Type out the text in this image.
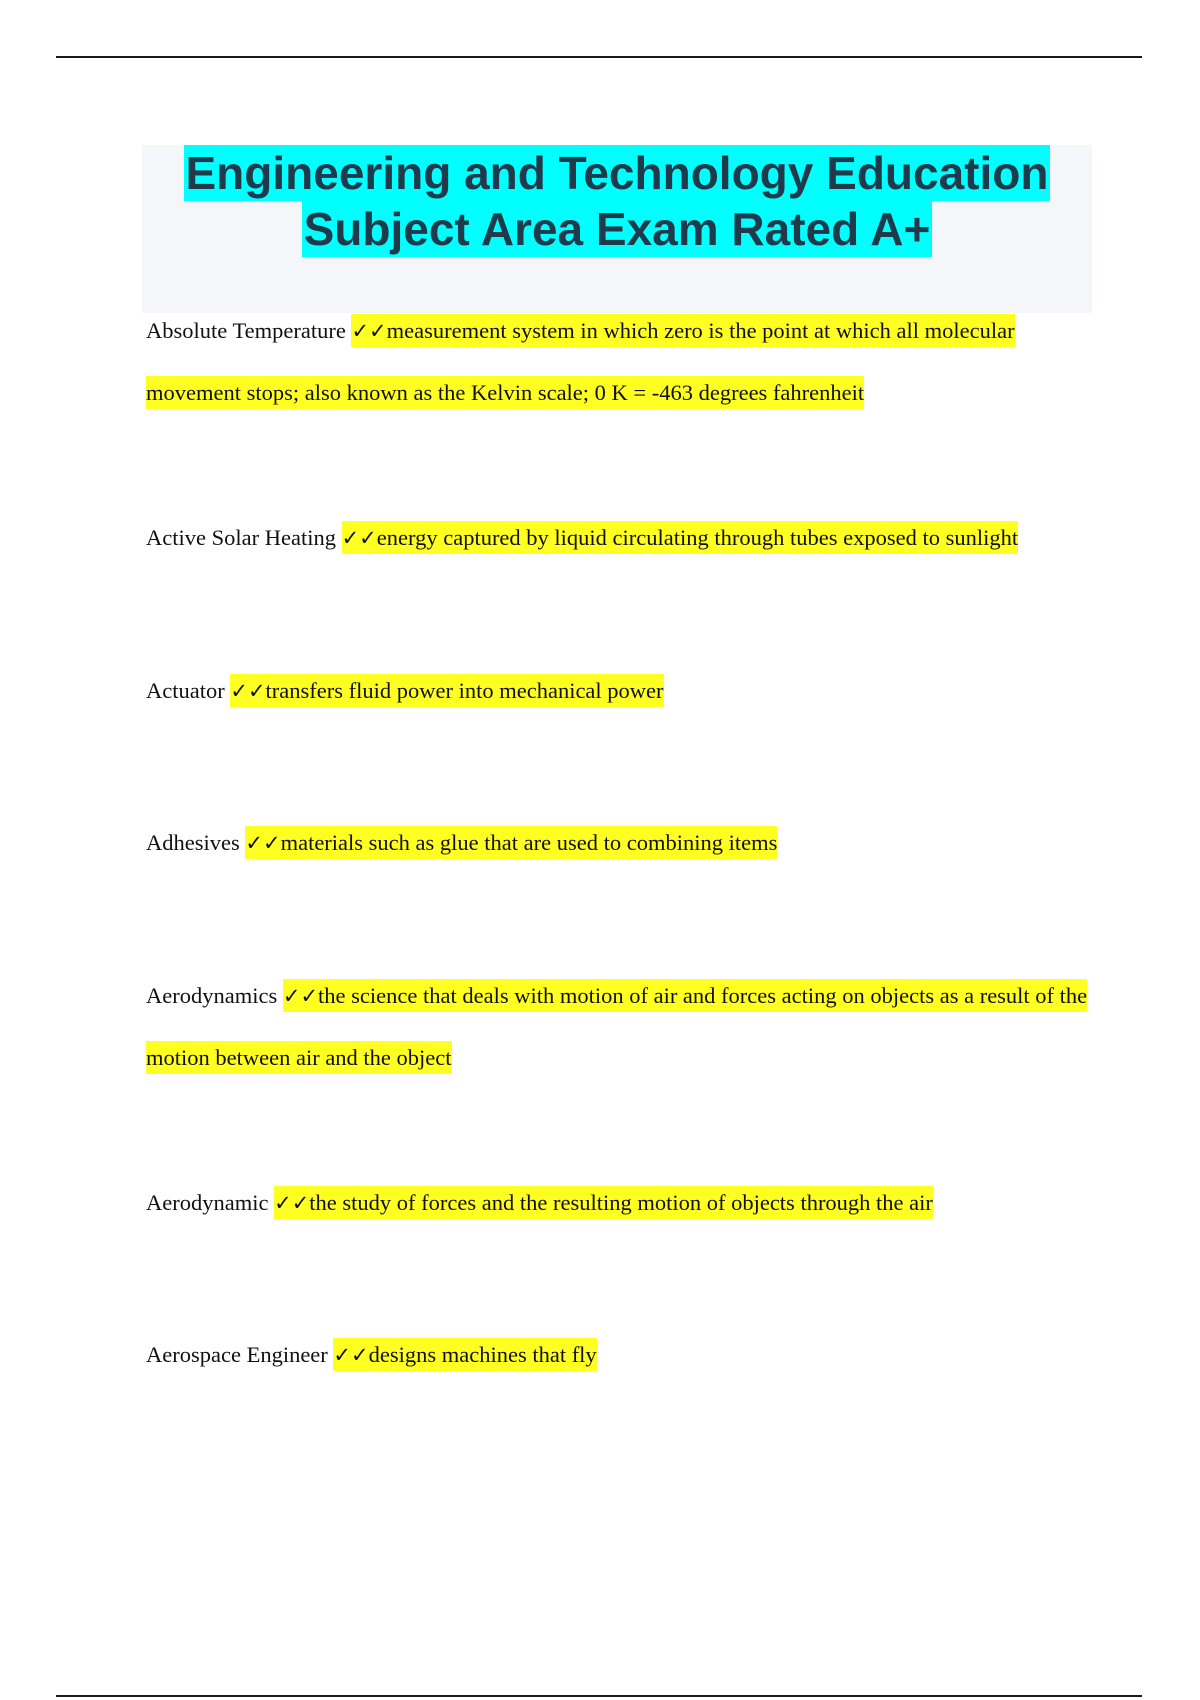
Engineering and Technology Education
Subject Area Exam Rated A+
Absolute Temperature ✓✓measurement system in which zero is the point at which all molecular movement stops; also known as the Kelvin scale; 0 K = -463 degrees fahrenheit
Active Solar Heating ✓✓energy captured by liquid circulating through tubes exposed to sunlight
Actuator ✓✓transfers fluid power into mechanical power
Adhesives ✓✓materials such as glue that are used to combining items
Aerodynamics ✓✓the science that deals with motion of air and forces acting on objects as a result of the motion between air and the object
Aerodynamic ✓✓the study of forces and the resulting motion of objects through the air
Aerospace Engineer ✓✓designs machines that fly
